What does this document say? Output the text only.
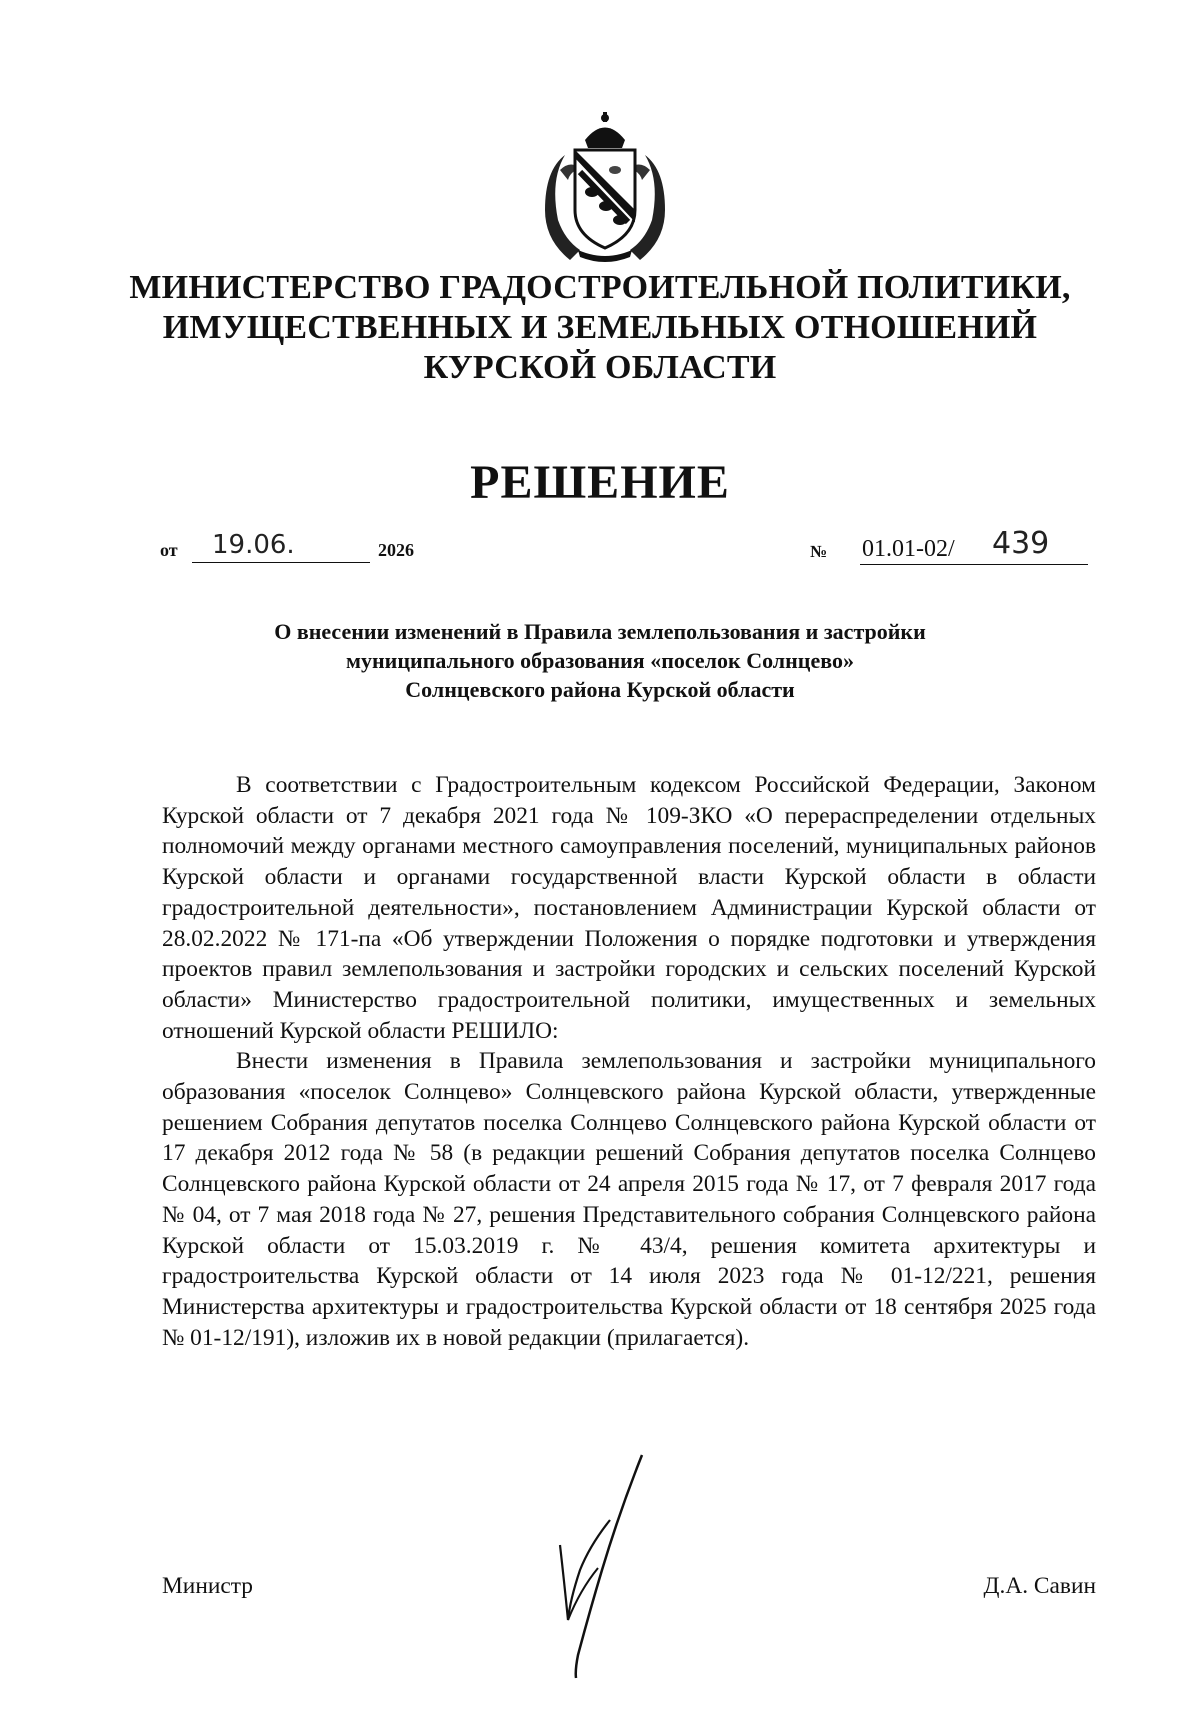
МИНИСТЕРСТВО ГРАДОСТРОИТЕЛЬНОЙ ПОЛИТИКИ,
ИМУЩЕСТВЕННЫХ И ЗЕМЕЛЬНЫХ ОТНОШЕНИЙ
КУРСКОЙ ОБЛАСТИ
РЕШЕНИЕ
от 19.06.	2026	№ 01.01-02/ 439
О внесении изменений в Правила землепользования и застройки
муниципального образования «поселок Солнцево»
Солнцевского района Курской области

В соответствии с Градостроительным кодексом Российской Федерации, Законом Курской области от 7 декабря 2021 года № 109-ЗКО «О перераспределении отдельных полномочий между органами местного самоуправления поселений, муниципальных районов Курской области и органами государственной власти Курской области в области градостроительной деятельности», постановлением Администрации Курской области от 28.02.2022 № 171-па «Об утверждении Положения о порядке подготовки и утверждения проектов правил землепользования и застройки городских и сельских поселений Курской области» Министерство градостроительной политики, имущественных и земельных отношений Курской области РЕШИЛО:

Внести изменения в Правила землепользования и застройки муниципального образования «поселок Солнцево» Солнцевского района Курской области, утвержденные решением Собрания депутатов поселка Солнцево Солнцевского района Курской области от 17 декабря 2012 года № 58 (в редакции решений Собрания депутатов поселка Солнцево Солнцевского района Курской области от 24 апреля 2015 года № 17, от 7 февраля 2017 года № 04, от 7 мая 2018 года № 27, решения Представительного собрания Солнцевского района Курской области от 15.03.2019 г. № 43/4, решения комитета архитектуры и градостроительства Курской области от 14 июля 2023 года № 01-12/221, решения Министерства архитектуры и градостроительства Курской области от 18 сентября 2025 года № 01-12/191), изложив их в новой редакции (прилагается).

Министр	Д.А. Савин
